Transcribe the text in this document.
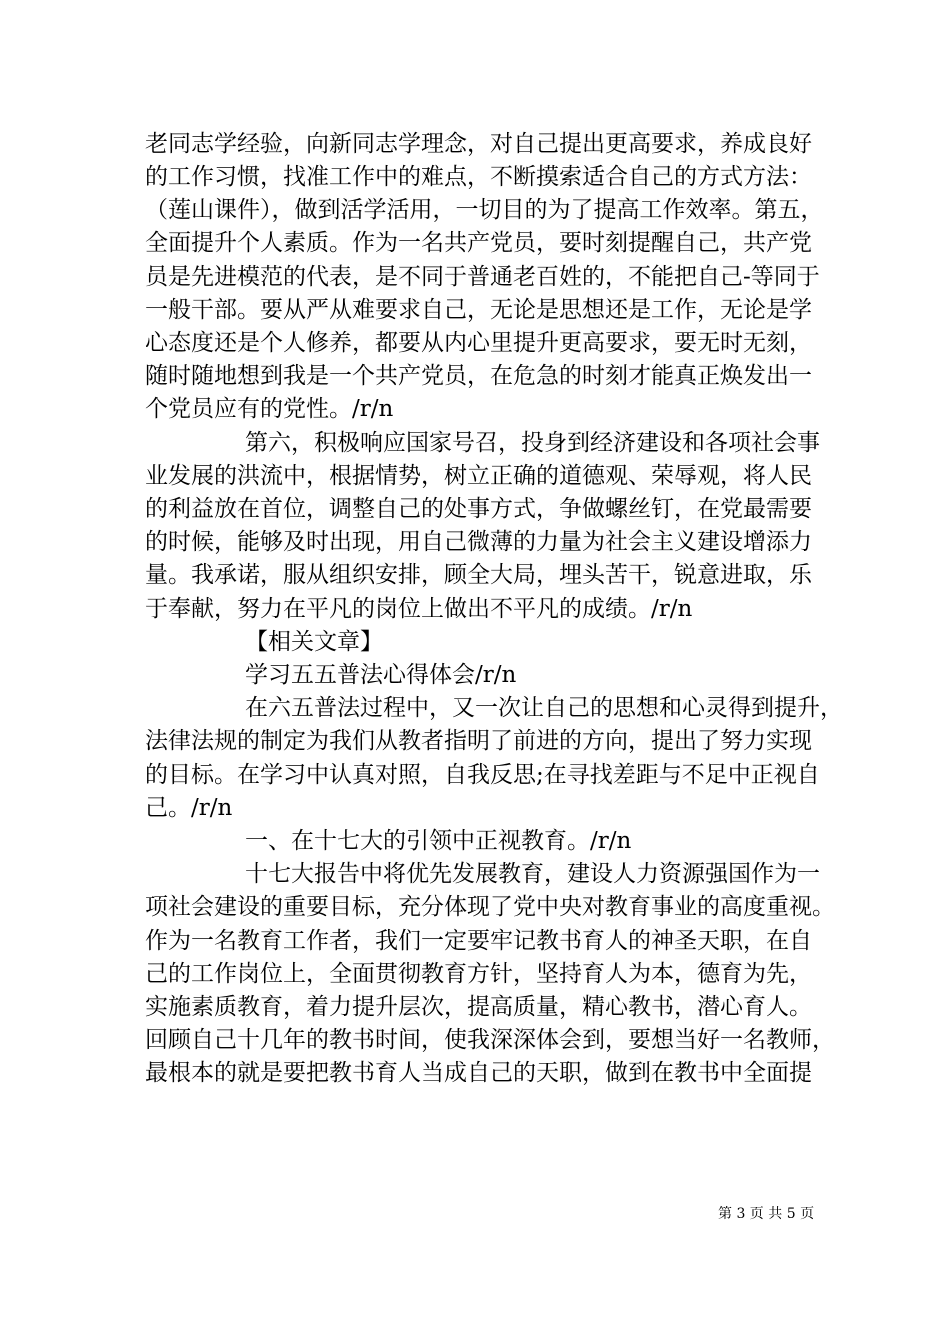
老同志学经验，向新同志学理念，对自己提出更高要求，养成良好
的工作习惯，找准工作中的难点，不断摸索适合自己的方式方法：
（莲山课件），做到活学活用，一切目的为了提高工作效率。第五，
全面提升个人素质。作为一名共产党员，要时刻提醒自己，共产党
员是先进模范的代表，是不同于普通老百姓的，不能把自己-等同于
一般干部。要从严从难要求自己，无论是思想还是工作，无论是学
心态度还是个人修养，都要从内心里提升更高要求，要无时无刻，
随时随地想到我是一个共产党员，在危急的时刻才能真正焕发出一
个党员应有的党性。/r/n
第六，积极响应国家号召，投身到经济建设和各项社会事
业发展的洪流中，根据情势，树立正确的道德观、荣辱观，将人民
的利益放在首位，调整自己的处事方式，争做螺丝钉，在党最需要
的时候，能够及时出现，用自己微薄的力量为社会主义建设增添力
量。我承诺，服从组织安排，顾全大局，埋头苦干，锐意进取，乐
于奉献，努力在平凡的岗位上做出不平凡的成绩。/r/n
【相关文章】
学习五五普法心得体会/r/n
在六五普法过程中，又一次让自己的思想和心灵得到提升，
法律法规的制定为我们从教者指明了前进的方向，提出了努力实现
的目标。在学习中认真对照，自我反思;在寻找差距与不足中正视自
己。/r/n
一、在十七大的引领中正视教育。/r/n
十七大报告中将优先发展教育，建设人力资源强国作为一
项社会建设的重要目标，充分体现了党中央对教育事业的高度重视。
作为一名教育工作者，我们一定要牢记教书育人的神圣天职，在自
己的工作岗位上，全面贯彻教育方针，坚持育人为本，德育为先，
实施素质教育，着力提升层次，提高质量，精心教书，潜心育人。
回顾自己十几年的教书时间，使我深深体会到，要想当好一名教师，
最根本的就是要把教书育人当成自己的天职，做到在教书中全面提
第 3 页 共 5 页
